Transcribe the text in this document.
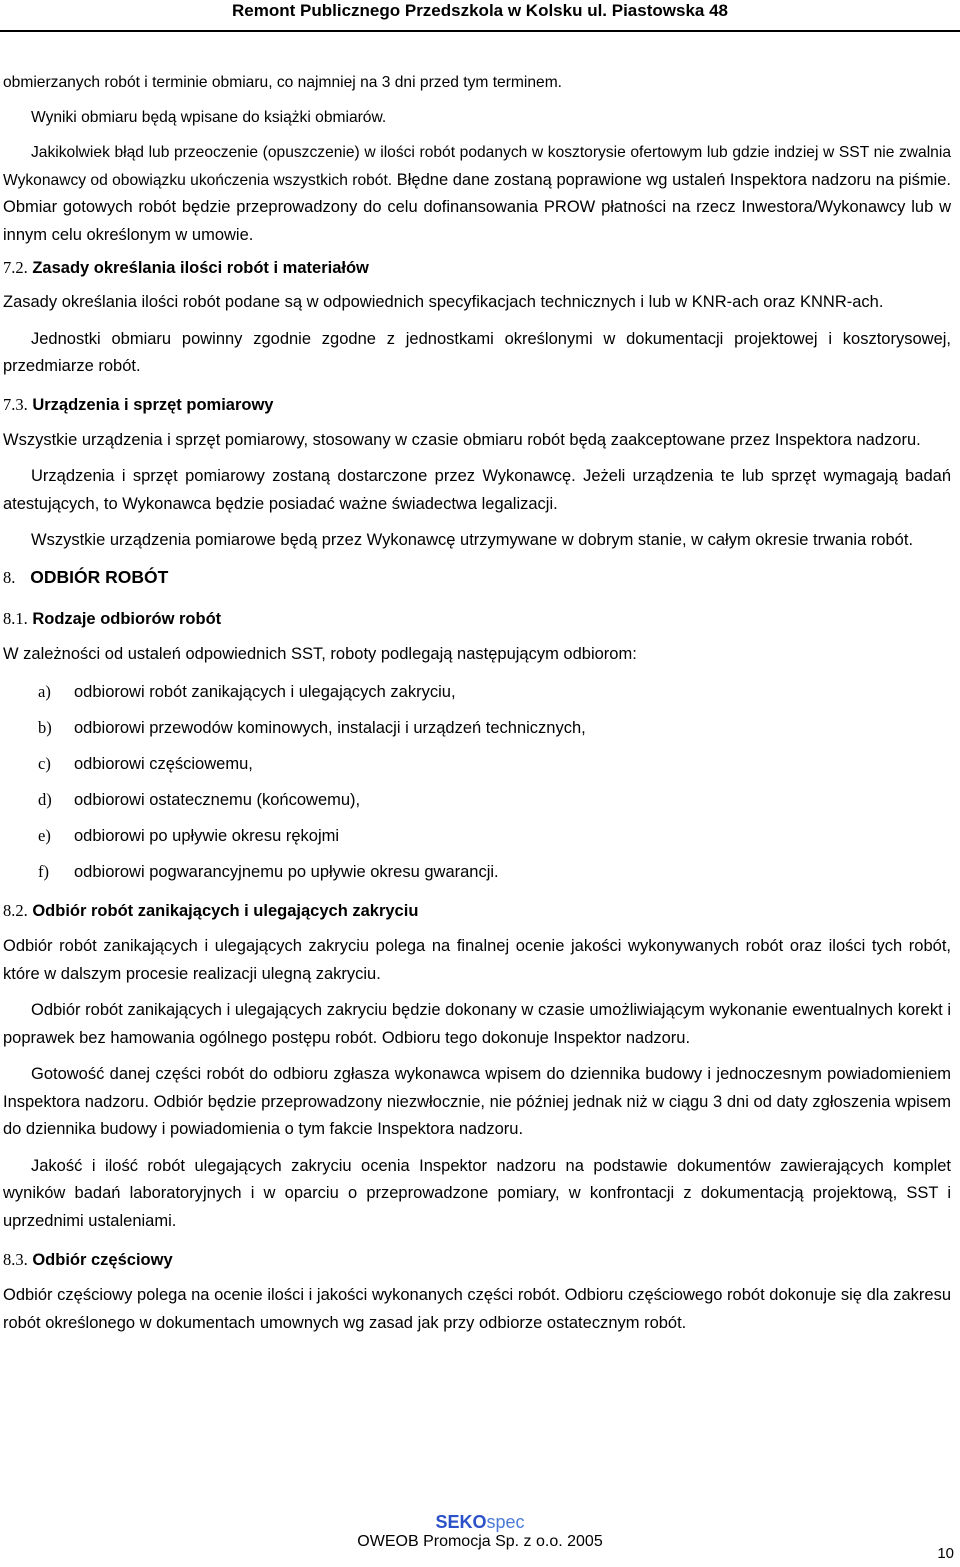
Remont Publicznego Przedszkola w Kolsku ul. Piastowska 48

obmierzanych robót i terminie obmiaru, co najmniej na 3 dni przed tym terminem.

Wyniki obmiaru będą wpisane do książki obmiarów.

Jakikolwiek błąd lub przeoczenie (opuszczenie) w ilości robót podanych w kosztorysie ofertowym lub gdzie indziej w SST nie zwalnia Wykonawcy od obowiązku ukończenia wszystkich robót. Błędne dane zostaną poprawione wg ustaleń Inspektora nadzoru na piśmie. Obmiar gotowych robót będzie przeprowadzony do celu dofinansowania PROW płatności na rzecz Inwestora/Wykonawcy lub w innym celu określonym w umowie.

7.2. Zasady określania ilości robót i materiałów

Zasady określania ilości robót podane są w odpowiednich specyfikacjach technicznych i lub w KNR-ach oraz KNNR-ach.

Jednostki obmiaru powinny zgodnie zgodne z jednostkami określonymi w dokumentacji projektowej i kosztorysowej, przedmiarze robót.

7.3. Urządzenia i sprzęt pomiarowy

Wszystkie urządzenia i sprzęt pomiarowy, stosowany w czasie obmiaru robót będą zaakceptowane przez Inspektora nadzoru.

Urządzenia i sprzęt pomiarowy zostaną dostarczone przez Wykonawcę. Jeżeli urządzenia te lub sprzęt wymagają badań atestujących, to Wykonawca będzie posiadać ważne świadectwa legalizacji.

Wszystkie urządzenia pomiarowe będą przez Wykonawcę utrzymywane w dobrym stanie, w całym okresie trwania robót.

8. ODBIÓR ROBÓT
8.1. Rodzaje odbiorów robót

W zależności od ustaleń odpowiednich SST, roboty podlegają następującym odbiorom:

a)	odbiorowi robót zanikających i ulegających zakryciu,
b)	odbiorowi przewodów kominowych, instalacji i urządzeń technicznych,
c)	odbiorowi częściowemu,
d)	odbiorowi ostatecznemu (końcowemu),
e)	odbiorowi po upływie okresu rękojmi
f)	odbiorowi pogwarancyjnemu po upływie okresu gwarancji.
8.2. Odbiór robót zanikających i ulegających zakryciu

Odbiór robót zanikających i ulegających zakryciu polega na finalnej ocenie jakości wykonywanych robót oraz ilości tych robót, które w dalszym procesie realizacji ulegną zakryciu.

Odbiór robót zanikających i ulegających zakryciu będzie dokonany w czasie umożliwiającym wykonanie ewentualnych korekt i poprawek bez hamowania ogólnego postępu robót. Odbioru tego dokonuje Inspektor nadzoru.

Gotowość danej części robót do odbioru zgłasza wykonawca wpisem do dziennika budowy i jednoczesnym powiadomieniem Inspektora nadzoru. Odbiór będzie przeprowadzony niezwłocznie, nie później jednak niż w ciągu 3 dni od daty zgłoszenia wpisem do dziennika budowy i powiadomienia o tym fakcie Inspektora nadzoru.

Jakość i ilość robót ulegających zakryciu ocenia Inspektor nadzoru na podstawie dokumentów zawierających komplet wyników badań laboratoryjnych i w oparciu o przeprowadzone pomiary, w konfrontacji z dokumentacją projektową, SST i uprzednimi ustaleniami.

8.3. Odbiór częściowy

Odbiór częściowy polega na ocenie ilości i jakości wykonanych części robót. Odbioru częściowego robót dokonuje się dla zakresu robót określonego w dokumentach umownych wg zasad jak przy odbiorze ostatecznym robót.

SEKOspec
OWEOB Promocja Sp. z o.o. 2005
10
